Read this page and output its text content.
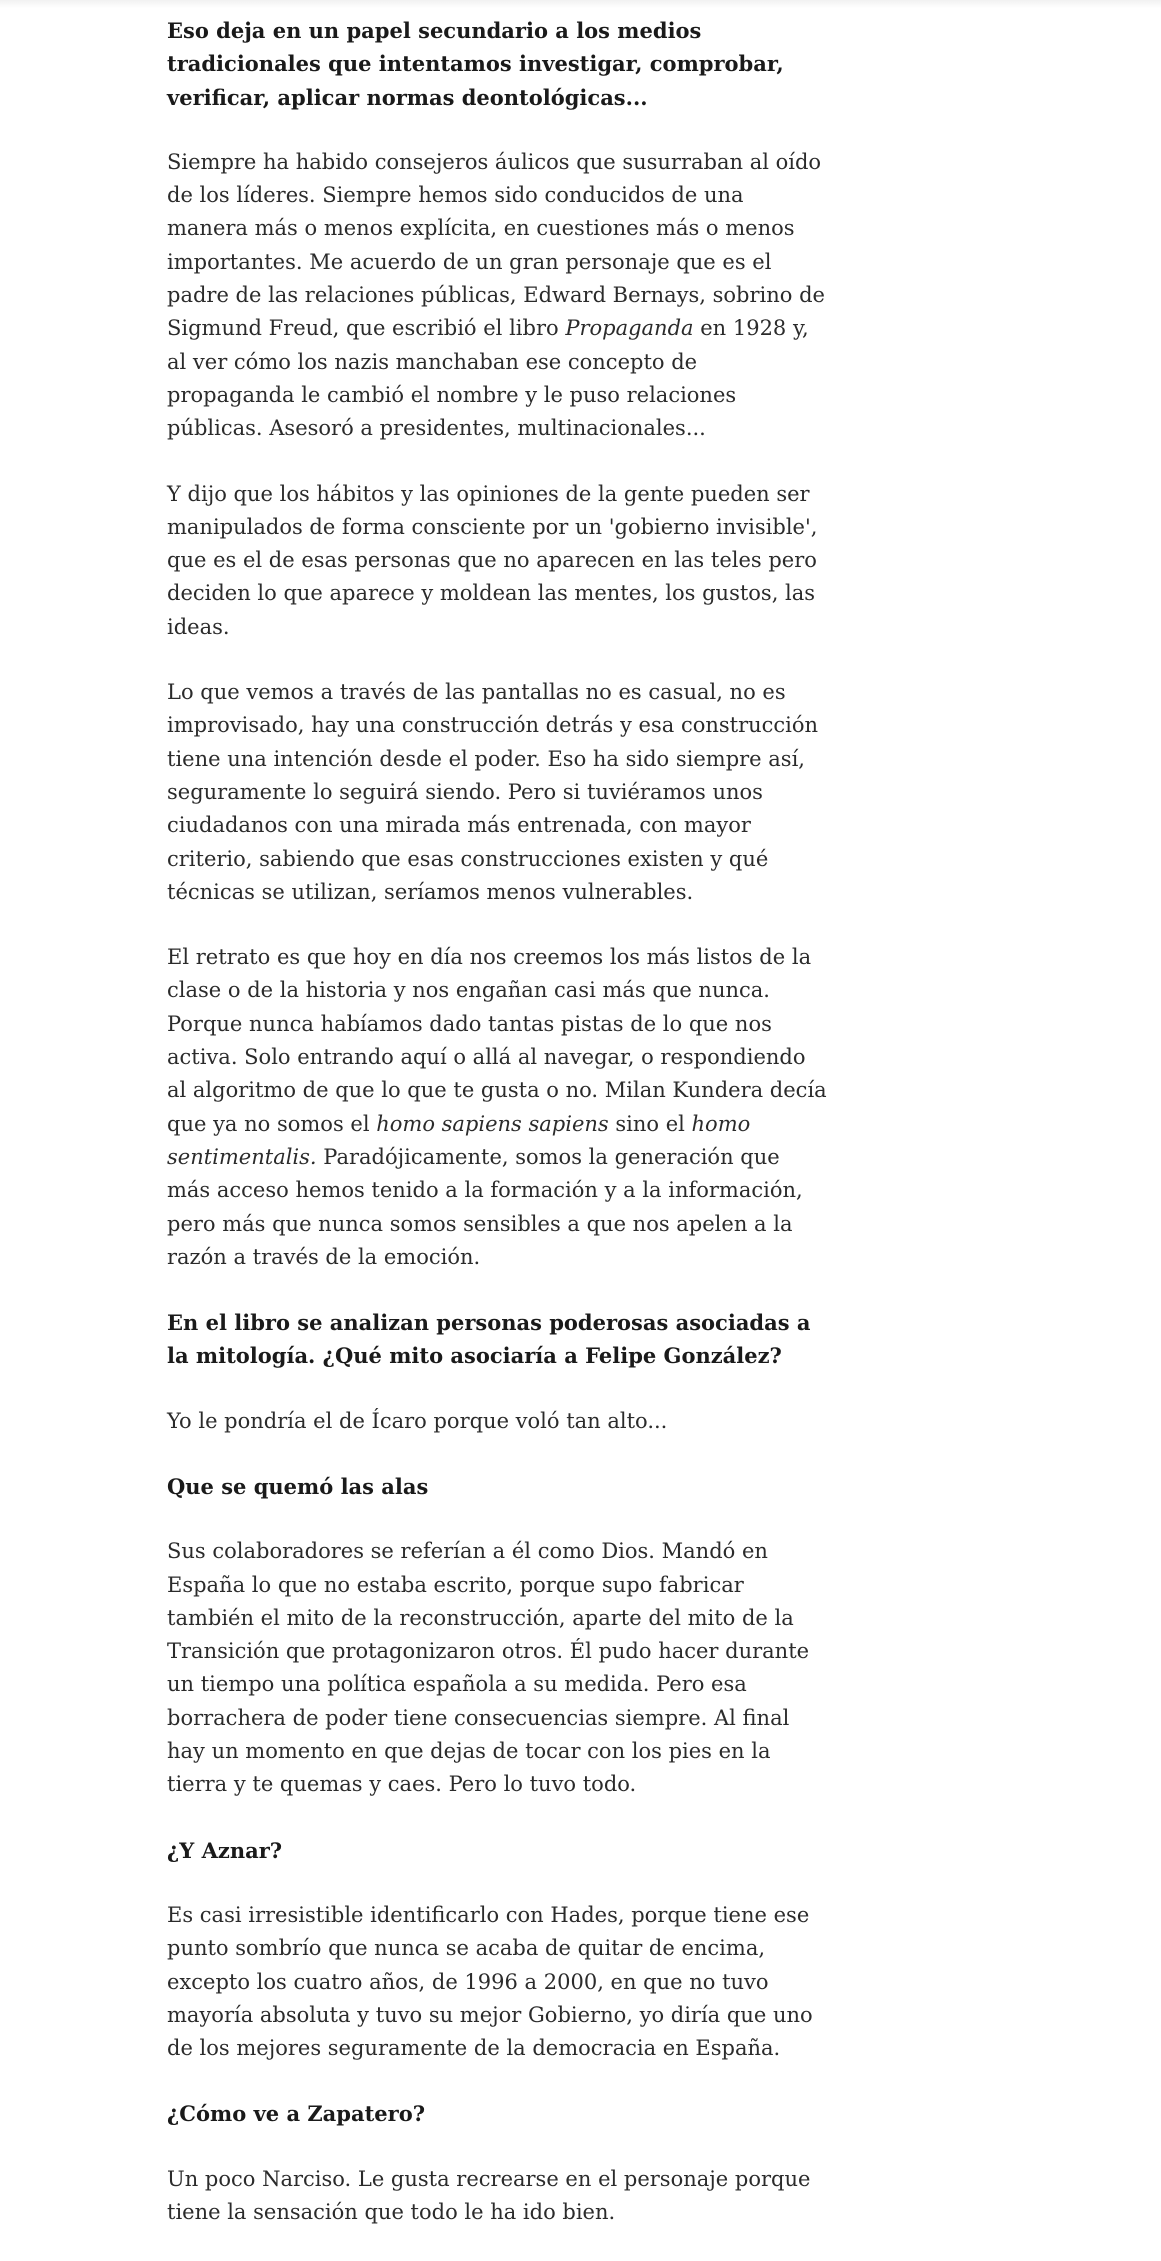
Eso deja en un papel secundario a los medios tradicionales que intentamos investigar, comprobar, verificar, aplicar normas deontológicas...

Siempre ha habido consejeros áulicos que susurraban al oído de los líderes. Siempre hemos sido conducidos de una manera más o menos explícita, en cuestiones más o menos importantes. Me acuerdo de un gran personaje que es el padre de las relaciones públicas, Edward Bernays, sobrino de Sigmund Freud, que escribió el libro Propaganda en 1928 y, al ver cómo los nazis manchaban ese concepto de propaganda le cambió el nombre y le puso relaciones públicas. Asesoró a presidentes, multinacionales...

Y dijo que los hábitos y las opiniones de la gente pueden ser manipulados de forma consciente por un 'gobierno invisible', que es el de esas personas que no aparecen en las teles pero deciden lo que aparece y moldean las mentes, los gustos, las ideas.

Lo que vemos a través de las pantallas no es casual, no es improvisado, hay una construcción detrás y esa construcción tiene una intención desde el poder. Eso ha sido siempre así, seguramente lo seguirá siendo. Pero si tuviéramos unos ciudadanos con una mirada más entrenada, con mayor criterio, sabiendo que esas construcciones existen y qué técnicas se utilizan, seríamos menos vulnerables.

El retrato es que hoy en día nos creemos los más listos de la clase o de la historia y nos engañan casi más que nunca. Porque nunca habíamos dado tantas pistas de lo que nos activa. Solo entrando aquí o allá al navegar, o respondiendo al algoritmo de que lo que te gusta o no. Milan Kundera decía que ya no somos el homo sapiens sapiens sino el homo sentimentalis. Paradójicamente, somos la generación que más acceso hemos tenido a la formación y a la información, pero más que nunca somos sensibles a que nos apelen a la razón a través de la emoción.

En el libro se analizan personas poderosas asociadas a la mitología. ¿Qué mito asociaría a Felipe González?

Yo le pondría el de Ícaro porque voló tan alto...

Que se quemó las alas

Sus colaboradores se referían a él como Dios. Mandó en España lo que no estaba escrito, porque supo fabricar también el mito de la reconstrucción, aparte del mito de la Transición que protagonizaron otros. Él pudo hacer durante un tiempo una política española a su medida. Pero esa borrachera de poder tiene consecuencias siempre. Al final hay un momento en que dejas de tocar con los pies en la tierra y te quemas y caes. Pero lo tuvo todo.

¿Y Aznar?

Es casi irresistible identificarlo con Hades, porque tiene ese punto sombrío que nunca se acaba de quitar de encima, excepto los cuatro años, de 1996 a 2000, en que no tuvo mayoría absoluta y tuvo su mejor Gobierno, yo diría que uno de los mejores seguramente de la democracia en España.

¿Cómo ve a Zapatero?

Un poco Narciso. Le gusta recrearse en el personaje porque tiene la sensación que todo le ha ido bien.
